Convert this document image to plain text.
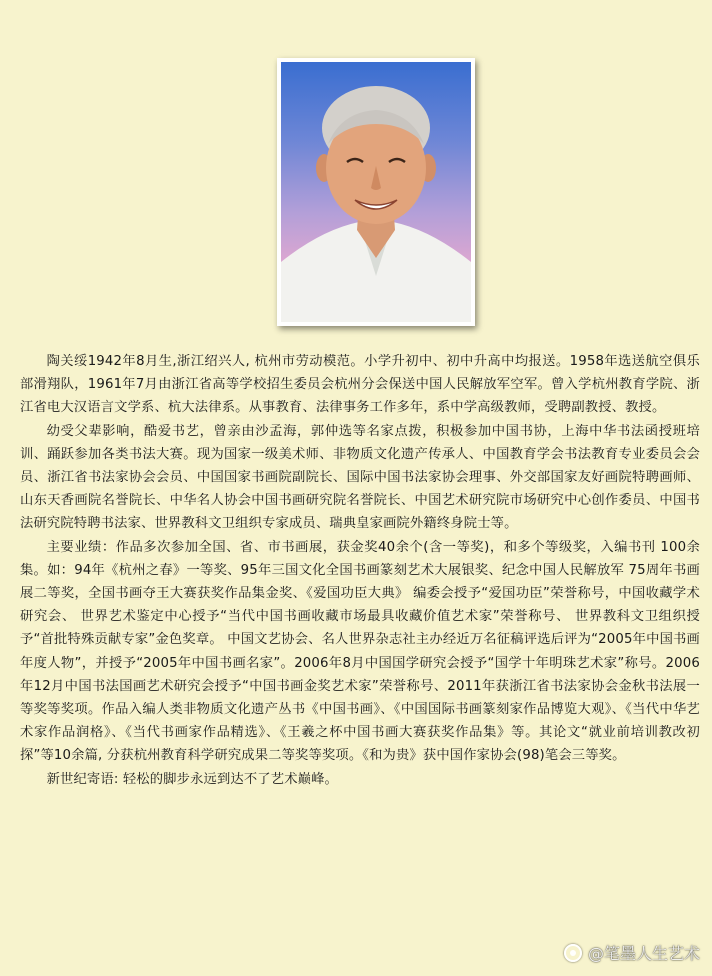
陶关绥1942年8月生,浙江绍兴人, 杭州市劳动模范。小学升初中、初中升高中均报送。1958年选送航空俱乐部滑翔队，1961年7月由浙江省高等学校招生委员会杭州分会保送中国人民解放军空军。曾入学杭州教育学院、浙江省电大汉语言文学系、杭大法律系。从事教育、法律事务工作多年，系中学高级教师，受聘副教授、教授。

幼受父辈影响，酷爱书艺，曾亲由沙孟海，郭仲选等名家点拨，积极参加中国书协，上海中华书法函授班培训、踊跃参加各类书法大赛。现为国家一级美术师、非物质文化遗产传承人、中国教育学会书法教育专业委员会会员、浙江省书法家协会会员、中国国家书画院副院长、国际中国书法家协会理事、外交部国家友好画院特聘画师、山东天香画院名誉院长、中华名人协会中国书画研究院名誉院长、中国艺术研究院市场研究中心创作委员、中国书法研究院特聘书法家、世界教科文卫组织专家成员、瑞典皇家画院外籍终身院士等。

主要业绩：作品多次参加全国、省、市书画展，获金奖40余个(含一等奖)，和多个等级奖，入编书刊 100余集。如：94年《杭州之春》一等奖、95年三国文化全国书画篆刻艺术大展银奖、纪念中国人民解放军 75周年书画展二等奖，全国书画夺王大赛获奖作品集金奖、《爱国功臣大典》 编委会授予“爱国功臣”荣誉称号，中国收藏学术研究会、 世界艺术鉴定中心授予“当代中国书画收藏市场最具收藏价值艺术家”荣誉称号、 世界教科文卫组织授予“首批特殊贡献专家”金色奖章。 中国文艺协会、名人世界杂志社主办经近万名征稿评选后评为“2005年中国书画年度人物”，并授予“2005年中国书画名家”。2006年8月中国国学研究会授予“国学十年明珠艺术家”称号。2006年12月中国书法国画艺术研究会授予“中国书画金奖艺术家”荣誉称号、2011年获浙江省书法家协会金秋书法展一等奖等奖项。作品入编人类非物质文化遗产丛书《中国书画》、《中国国际书画篆刻家作品博览大观》、《当代中华艺术家作品润格》、《当代书画家作品精选》、《王羲之杯中国书画大赛获奖作品集》等。其论文“就业前培训教改初探”等10余篇, 分获杭州教育科学研究成果二等奖等奖项。《和为贵》获中国作家协会(98)笔会三等奖。

新世纪寄语: 轻松的脚步永远到达不了艺术巅峰。

@笔墨人生艺术
